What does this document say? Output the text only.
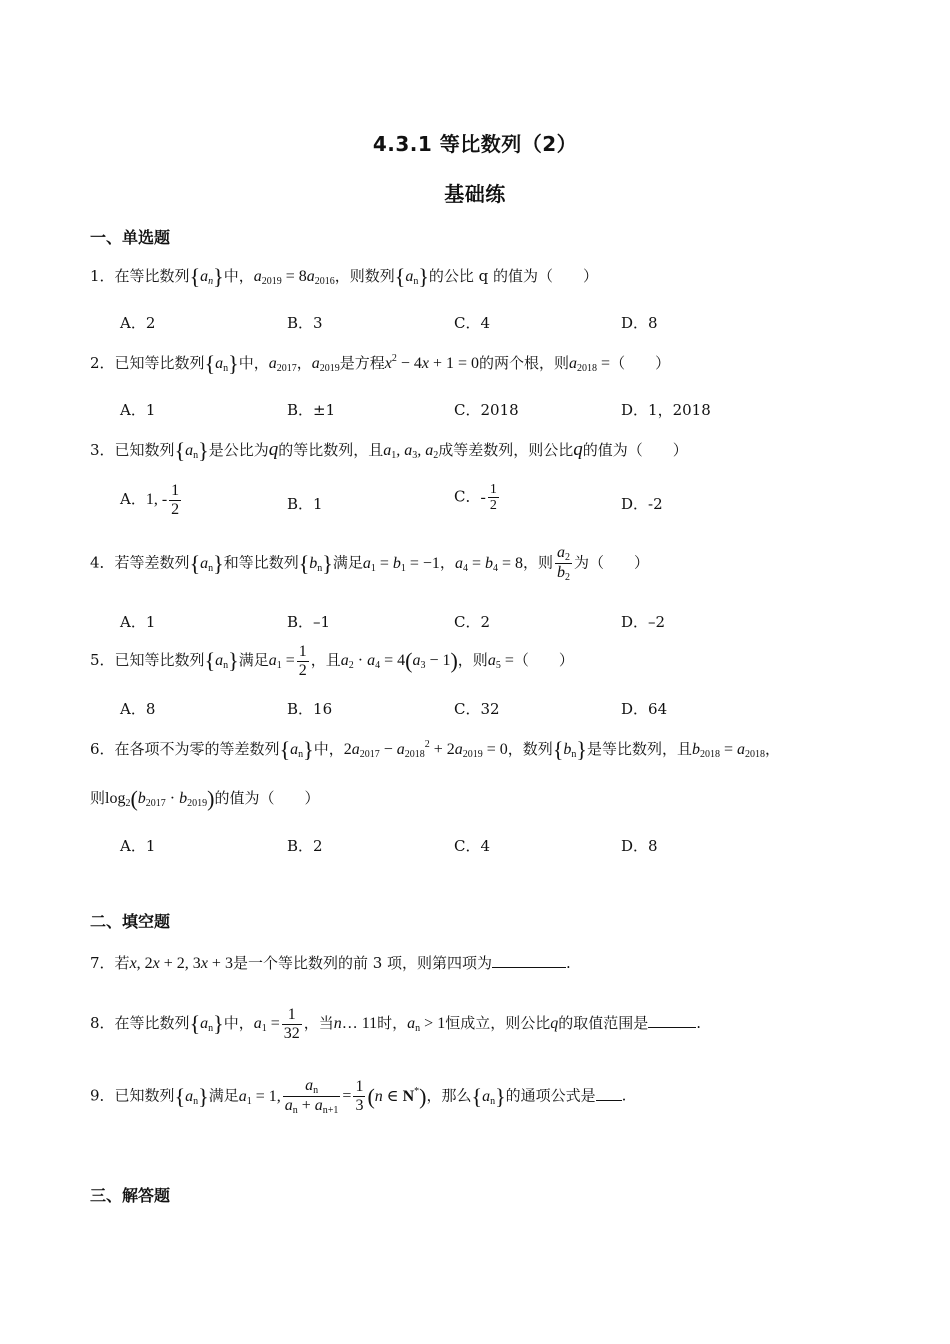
4.3.1 等比数列（2）
基础练
一、单选题
1．在等比数列$\{a_n\}$中，$a_{2019} = 8a_{2016}$，则数列$\{a_n\}$的公比 q 的值为（　　）
A．2	B．3	C．4	D．8
2．已知等比数列$\{a_n\}$中，$a_{2017}$，$a_{2019}$是方程$x^2 - 4x + 1 = 0$的两个根，则$a_{2018}$ =（　　）
A．1	B．±1	C．2018	D．1，2018
3．已知数列$\{a_n\}$是公比为q的等比数列，且$a_1$, $a_3$, $a_2$成等差数列，则公比q的值为（　　）
A．1, - $\frac{1}{2}$	B．1	C．- $\frac{1}{2}$	D．-2
4．若等差数列$\{a_n\}$和等比数列$\{b_n\}$满足$a_1 = b_1 = -1$，$a_4 = b_4 = 8$，则 $\frac{a_2}{b_2}$ 为（　　）
A．1	B．–1	C．2	D．–2
5．已知等比数列$\{a_n\}$满足$a_1 = \frac{1}{2}$ ，且$a_2 \cdot a_4 = 4(a_3 - 1)$，则$a_5$ =（　　）
A．8	B．16	C．32	D．64
6．在各项不为零的等差数列$\{a_n\}$中，$2a_{2017} - a_{2018}^2 + 2a_{2019} = 0$，数列$\{b_n\}$是等比数列，且$b_{2018} = a_{2018}$，
则$\log_2(b_{2017} \cdot b_{2019})$的值为（　　）
A．1	B．2	C．4	D．8
二、填空题
7．若x, 2x + 2, 3x + 3是一个等比数列的前 3 项，则第四项为	.
8．在等比数列$\{a_n\}$中，$a_1 = \frac{1}{32}$ ，当n… 11时，$a_n > 1$恒成立，则公比q的取值范围是	.
9．已知数列$\{a_n\}$满足$a_1 = 1$, $\frac{a_n}{a_n + a_{n+1}} = \frac{1}{3} (n$ ∈ N*)，那么$\{a_n\}$的通项公式是 .
三、解答题
